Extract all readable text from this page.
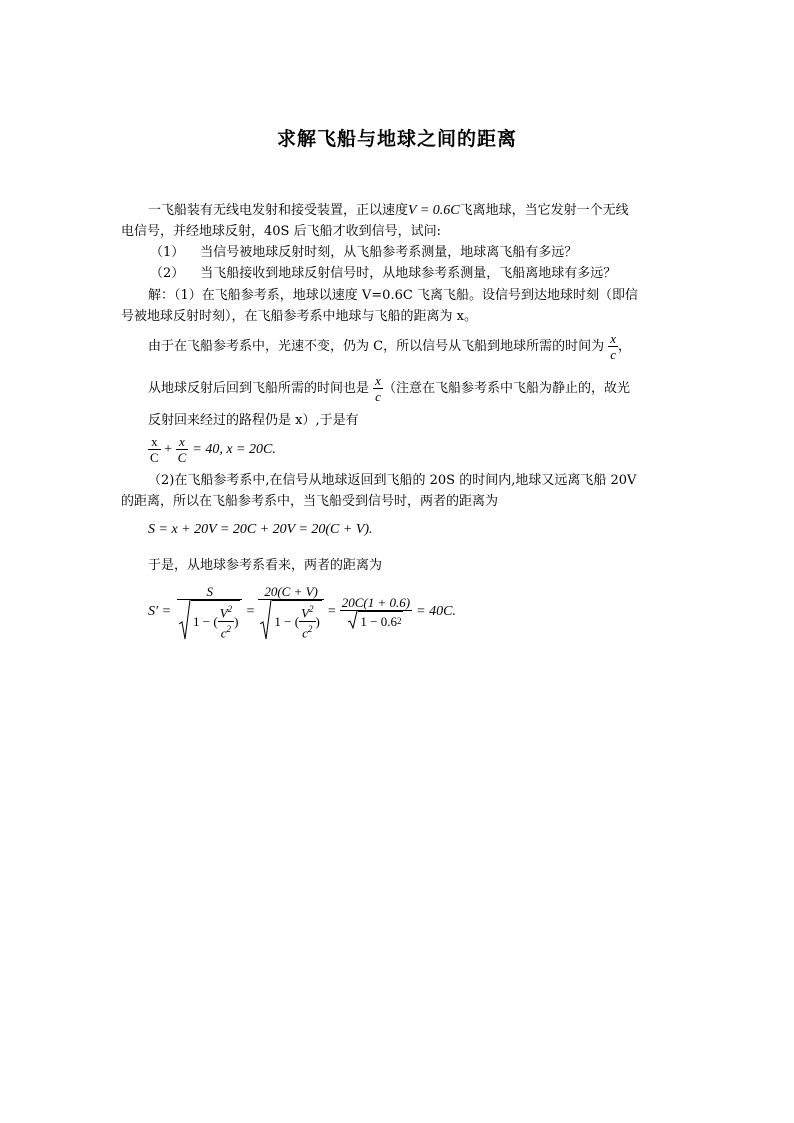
求解飞船与地球之间的距离
一飞船装有无线电发射和接受装置，正以速度V = 0.6C飞离地球，当它发射一个无线
电信号，并经地球反射，40S 后飞船才收到信号，试问:
（1） 当信号被地球反射时刻，从飞船参考系测量，地球离飞船有多远？
（2） 当飞船接收到地球反射信号时，从地球参考系测量，飞船离地球有多远？
解：（1）在飞船参考系，地球以速度 V=0.6C 飞离飞船。设信号到达地球时刻（即信
号被地球反射时刻），在飞船参考系中地球与飞船的距离为 x。
由于在飞船参考系中，光速不变，仍为 C，所以信号从飞船到地球所需的时间为 $\frac{x}{c}$ ，
从地球反射后回到飞船所需的时间也是 $\frac{x}{c}$ （注意在飞船参考系中飞船为静止的，故光
反射回来经过的路程仍是 x）,于是有
$\frac{x}{C} + \frac{x}{C} = 40$, x = 20C.
（2)在飞船参考系中,在信号从地球返回到飞船的 20S 的时间内,地球又远离飞船 20V
的距离，所以在飞船参考系中，当飞船受到信号时，两者的距离为
S = x + 20V = 20C + 20V = 20(C + V).
于是，从地球参考系看来，两者的距离为
S′ =
S
1 − ( $\frac{V^2}{c^2}$ )
=
20(C + V)
1 − ( $\frac{V^2}{c^2}$ )
= $\frac{20C(1 + 0.6)}{1 - 0.6 2} = 40C$.
